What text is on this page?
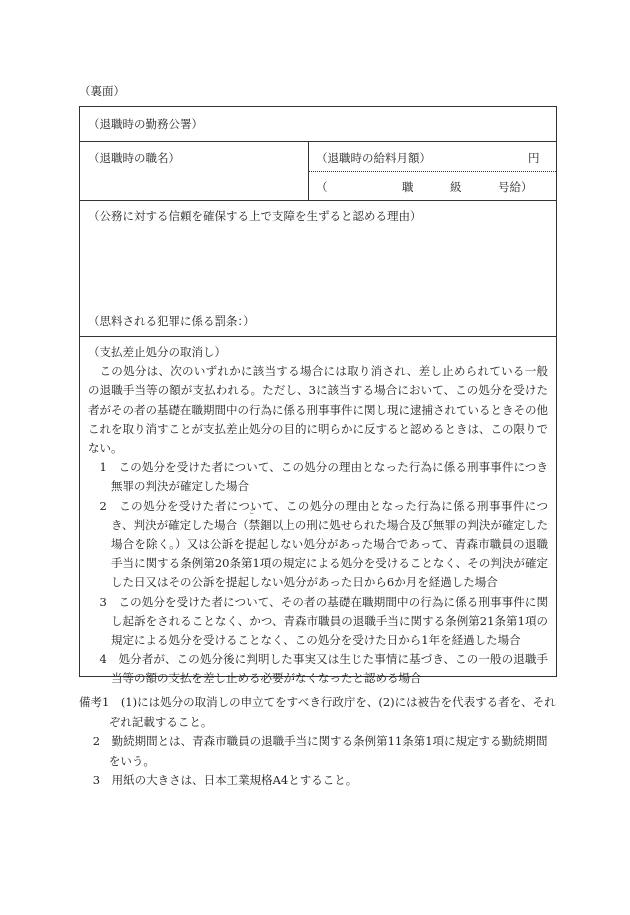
（裏面）
（退職時の勤務公署）
（退職時の職名）	（退職時の給料月額）	円
（	職	級	号給）
（公務に対する信頼を確保する上で支障を生ずると認める理由）
（思料される犯罪に係る罰条：）

（支払差止処分の取消し）

この処分は、次のいずれかに該当する場合には取り消され、差し止められている一般の退職手当等の額が支払われる。ただし、3に該当する場合において、この処分を受けた者がその者の基礎在職期間中の行為に係る刑事事件に関し現に逮捕されているときその他これを取り消すことが支払差止処分の目的に明らかに反すると認めるときは、この限りでない。

1　この処分を受けた者について、この処分の理由となった行為に係る刑事事件につき無罪の判決が確定した場合

2　この処分を受けた者について、この処分の理由となった行為に係る刑事事件につき、判決が確定した場合（禁こ 錮以上の刑に処せられた場合及び無罪の判決が確定した場合を除く。）又は公訴を提起しない処分があった場合であって、青森市職員の退職手当に関する条例第20条第1項の規定による処分を受けることなく、その判決が確定した日又はその公訴を提起しない処分があった日から6か月を経過した場合

3　この処分を受けた者について、その者の基礎在職期間中の行為に係る刑事事件に関し起訴をされることなく、かつ、青森市職員の退職手当に関する条例第21条第1項の規定による処分を受けることなく、この処分を受けた日から1年を経過した場合

4　処分者が、この処分後に判明した事実又は生じた事情に基づき、この一般の退職手当等の額の支払を差し止める必要がなくなったと認める場合

備考1　(1)には処分の取消しの申立てをすべき行政庁を、(2)には被告を代表する者を、それぞれ記載すること。

2　勤続期間とは、青森市職員の退職手当に関する条例第11条第1項に規定する勤続期間をいう。

3　用紙の大きさは、日本工業規格A4とすること。
